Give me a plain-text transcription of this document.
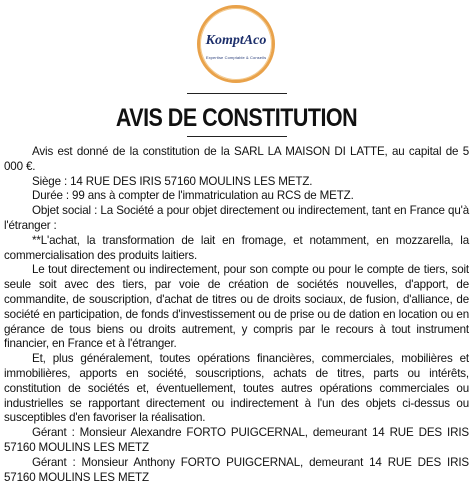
KomptAco
Expertise Comptable & Conseils
AVIS DE CONSTITUTION

Avis est donné de la constitution de la SARL LA MAISON DI LATTE, au capital de 5 000 €.

Siège : 14 RUE DES IRIS 57160 MOULINS LES METZ.

Durée : 99 ans à compter de l'immatriculation au RCS de METZ.

Objet social : La Société a pour objet directement ou indirectement, tant en France qu'à l'étranger :

**L'achat, la transformation de lait en fromage, et notamment, en mozzarella, la commercialisation des produits laitiers.

Le tout directement ou indirectement, pour son compte ou pour le compte de tiers, soit seule soit avec des tiers, par voie de création de sociétés nouvelles, d'apport, de commandite, de souscription, d'achat de titres ou de droits sociaux, de fusion, d'alliance, de société en participation, de fonds d'investissement ou de prise ou de dation en location ou en gérance de tous biens ou droits autrement, y compris par le recours à tout instrument financier, en France et à l'étranger.

Et, plus généralement, toutes opérations financières, commerciales, mobilières et immobilières, apports en société, souscriptions, achats de titres, parts ou intérêts, constitution de sociétés et, éventuellement, toutes autres opérations commerciales ou industrielles se rapportant directement ou indirectement à l'un des objets ci-dessus ou susceptibles d'en favoriser la réalisation.

Gérant : Monsieur Alexandre FORTO PUIGCERNAL, demeurant 14 RUE DES IRIS 57160 MOULINS LES METZ

Gérant : Monsieur Anthony FORTO PUIGCERNAL, demeurant 14 RUE DES IRIS 57160 MOULINS LES METZ
